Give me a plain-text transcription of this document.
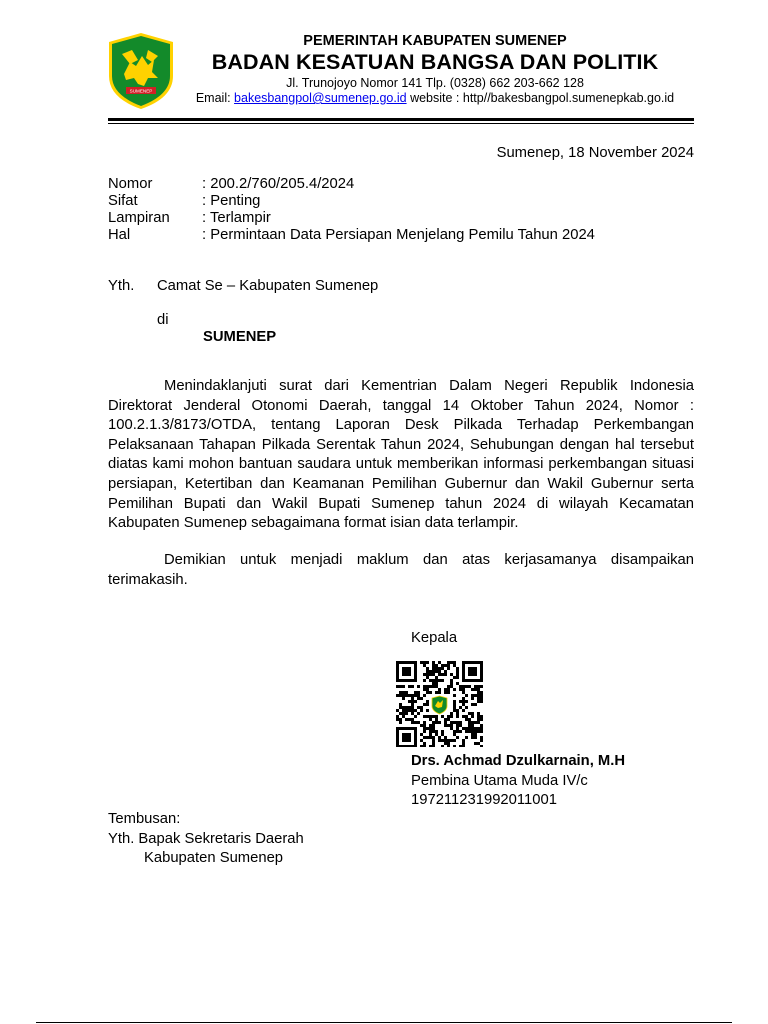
SUMENEP
PEMERINTAH KABUPATEN SUMENEP
BADAN KESATUAN BANGSA DAN POLITIK
Jl. Trunojoyo Nomor 141 Tlp. (0328) 662 203-662 128
Email: bakesbangpol@sumenep.go.id website : http//bakesbangpol.sumenepkab.go.id
Sumenep, 18 November 2024
Nomor	: 200.2/760/205.4/2024
Sifat	: Penting
Lampiran	: Terlampir
Hal	: Permintaan Data Persiapan Menjelang Pemilu Tahun 2024
Yth. Camat Se – Kabupaten Sumenep
di
SUMENEP
Menindaklanjuti surat dari Kementrian Dalam Negeri Republik Indonesia Direktorat Jenderal Otonomi Daerah, tanggal 14 Oktober Tahun 2024, Nomor : 100.2.1.3/8173/OTDA, tentang Laporan Desk Pilkada Terhadap Perkembangan Pelaksanaan Tahapan Pilkada Serentak Tahun 2024, Sehubungan dengan hal tersebut diatas kami mohon bantuan saudara untuk memberikan informasi perkembangan situasi persiapan, Ketertiban dan Keamanan Pemilihan Gubernur dan Wakil Gubernur serta Pemilihan Bupati dan Wakil Bupati Sumenep tahun 2024 di wilayah Kecamatan Kabupaten Sumenep sebagaimana format isian data terlampir.
Demikian untuk menjadi maklum dan atas kerjasamanya disampaikan terimakasih.
Kepala
Drs. Achmad Dzulkarnain, M.H
Pembina Utama Muda IV/c
197211231992011001
Tembusan:
Yth. Bapak Sekretaris Daerah
Kabupaten Sumenep
